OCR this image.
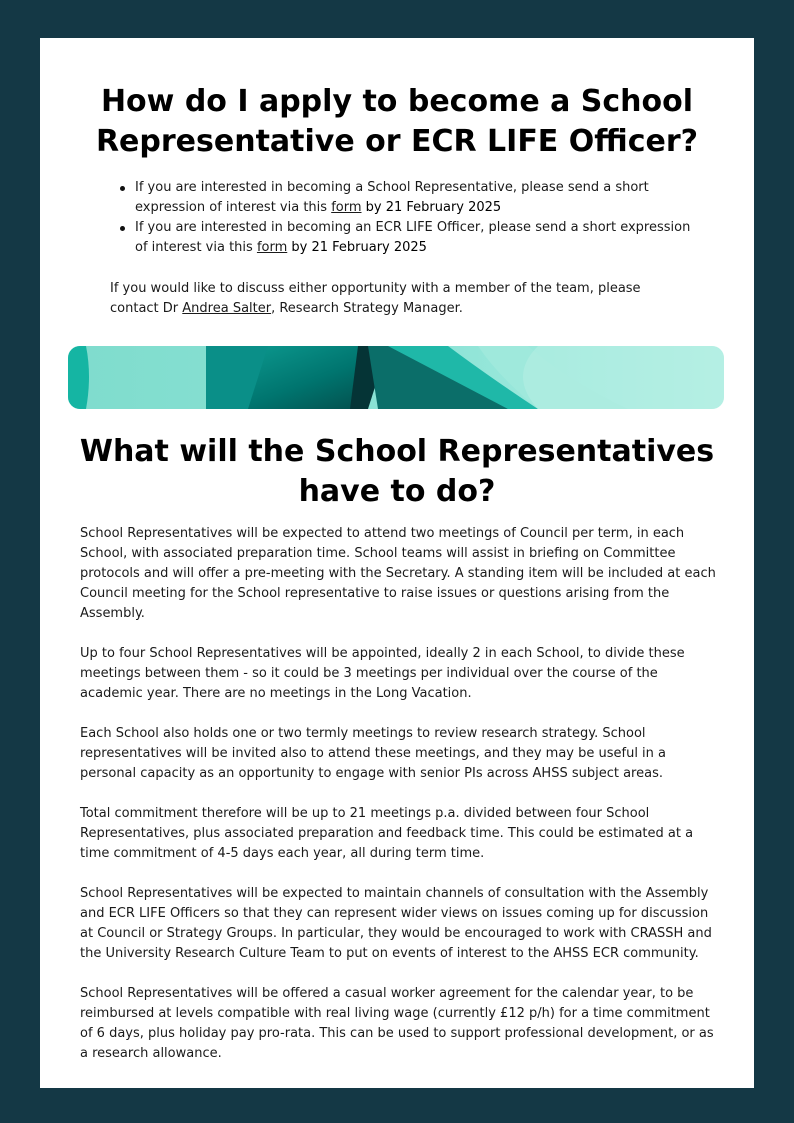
How do I apply to become a School Representative or ECR LIFE Officer?
If you are interested in becoming a School Representative, please send a short expression of interest via this form by 21 February 2025
If you are interested in becoming an ECR LIFE Officer, please send a short expression of interest via this form by 21 February 2025

If you would like to discuss either opportunity with a member of the team, please contact Dr Andrea Salter, Research Strategy Manager.

What will the School Representatives have to do?

School Representatives will be expected to attend two meetings of Council per term, in each School, with associated preparation time. School teams will assist in briefing on Committee protocols and will offer a pre-meeting with the Secretary. A standing item will be included at each Council meeting for the School representative to raise issues or questions arising from the Assembly.

Up to four School Representatives will be appointed, ideally 2 in each School, to divide these meetings between them - so it could be 3 meetings per individual over the course of the academic year. There are no meetings in the Long Vacation.

Each School also holds one or two termly meetings to review research strategy. School representatives will be invited also to attend these meetings, and they may be useful in a personal capacity as an opportunity to engage with senior PIs across AHSS subject areas.

Total commitment therefore will be up to 21 meetings p.a. divided between four School Representatives, plus associated preparation and feedback time. This could be estimated at a time commitment of 4-5 days each year, all during term time.

School Representatives will be expected to maintain channels of consultation with the Assembly and ECR LIFE Officers so that they can represent wider views on issues coming up for discussion at Council or Strategy Groups. In particular, they would be encouraged to work with CRASSH and the University Research Culture Team to put on events of interest to the AHSS ECR community.

School Representatives will be offered a casual worker agreement for the calendar year, to be reimbursed at levels compatible with real living wage (currently £12 p/h) for a time commitment of 6 days, plus holiday pay pro-rata. This can be used to support professional development, or as a research allowance.
